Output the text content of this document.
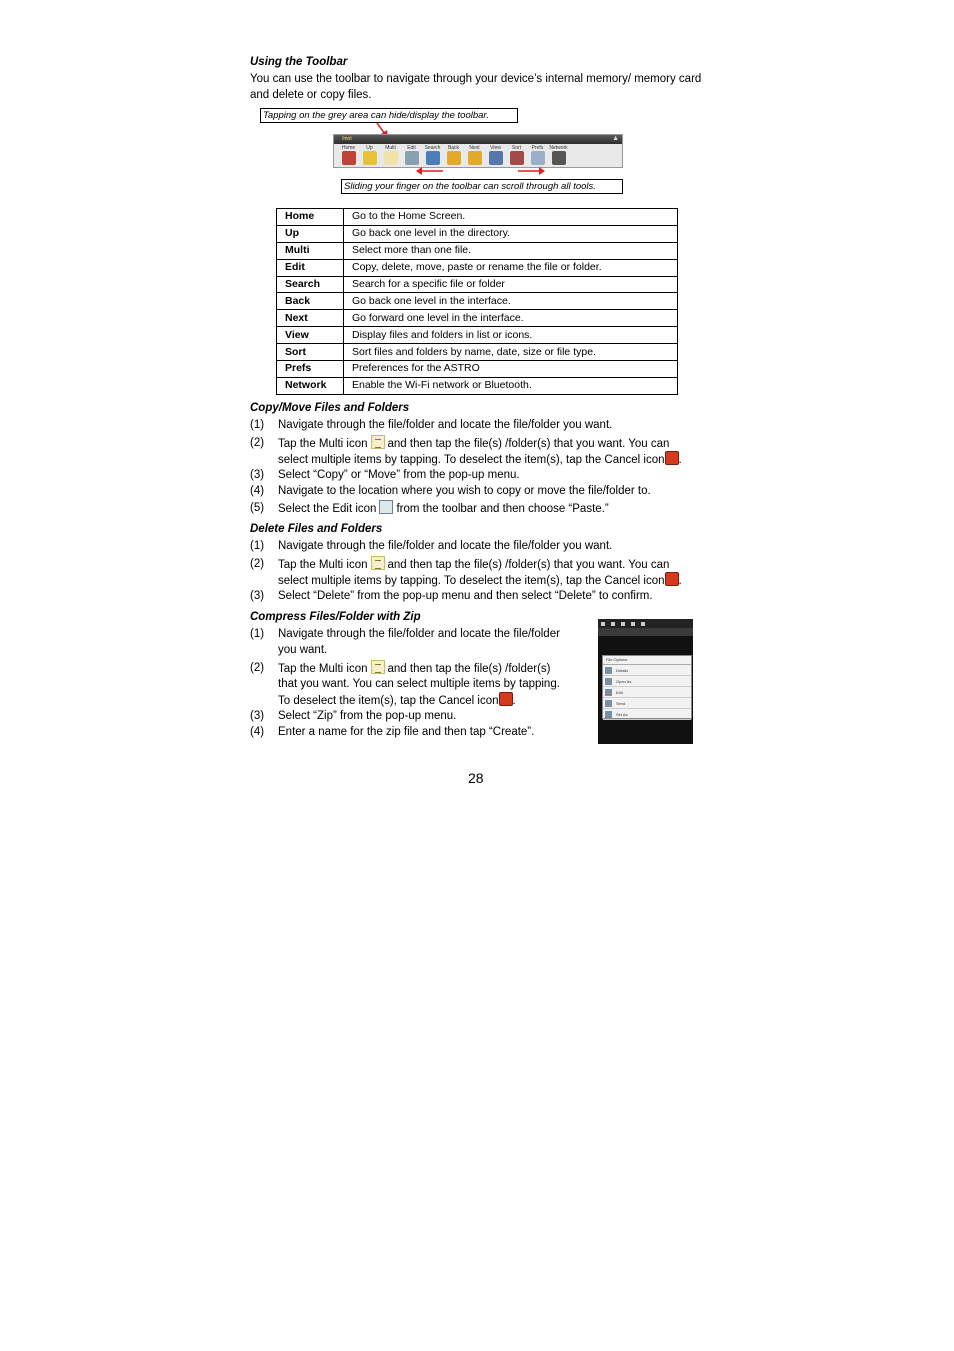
Using the Toolbar
You can use the toolbar to navigate through your device’s internal memory/ memory card and delete or copy files.
Tapping on the grey area can hide/display the toolbar.
/mnt	▲
Home Up	Multi Edit Search Back Next View Sort Prefs Network
Sliding your finger on the toolbar can scroll through all tools.
Home	Go to the Home Screen.
Up	Go back one level in the directory.
Multi	Select more than one file.
Edit	Copy, delete, move, paste or rename the file or folder.
Search	Search for a specific file or folder
Back	Go back one level in the interface.
Next	Go forward one level in the interface.
View	Display files and folders in list or icons.
Sort	Sort files and folders by name, date, size or file type.
Prefs	Preferences for the ASTRO
Network	Enable the Wi-Fi network or Bluetooth.
Copy/Move Files and Folders
(1)	Navigate through the file/folder and locate the file/folder you want.
(2)	Tap the Multi icon and then tap the file(s) /folder(s) that you want. You can
select multiple items by tapping. To deselect the item(s), tap the Cancel icon .
(3)	Select “Copy” or “Move” from the pop-up menu.
(4)	Navigate to the location where you wish to copy or move the file/folder to.
(5)	Select the Edit icon from the toolbar and then choose “Paste.”
Delete Files and Folders
(1)	Navigate through the file/folder and locate the file/folder you want.
(2)	Tap the Multi icon and then tap the file(s) /folder(s) that you want. You can
select multiple items by tapping. To deselect the item(s), tap the Cancel icon .
(3)	Select “Delete” from the pop-up menu and then select “Delete” to confirm.
Compress Files/Folder with Zip
(1)	Navigate through the file/folder and locate the file/folder
you want.
(2)	Tap the Multi icon and then tap the file(s) /folder(s)
that you want. You can select multiple items by tapping.
To deselect the item(s), tap the Cancel icon .
(3)	Select “Zip” from the pop-up menu.
(4)	Enter a name for the zip file and then tap “Create”.
File Options
Details
Open As
Edit
Send
Set As
28
